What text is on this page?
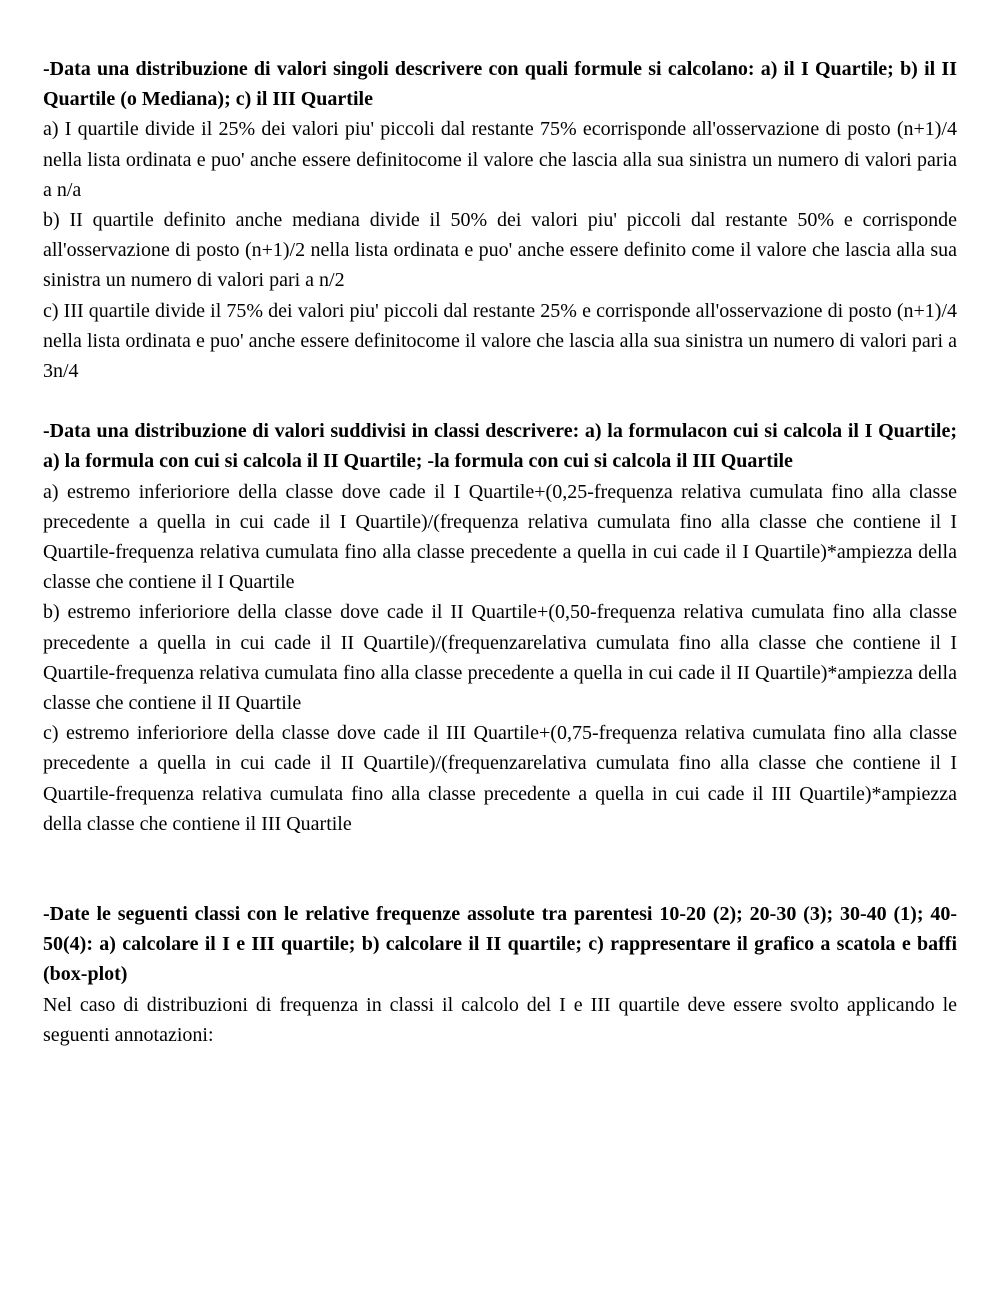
-Data una distribuzione di valori singoli descrivere con quali formule si calcolano: a) il I Quartile; b) il II Quartile (o Mediana); c) il III Quartile

a) I quartile divide il 25% dei valori piu' piccoli dal restante 75% ecorrisponde all'osservazione di posto (n+1)/4 nella lista ordinata e puo' anche essere definitocome il valore che lascia alla sua sinistra un numero di valori paria a n/a

b) II quartile definito anche mediana divide il 50% dei valori piu' piccoli dal restante 50% e corrisponde all'osservazione di posto (n+1)/2 nella lista ordinata e puo' anche essere definito come il valore che lascia alla sua sinistra un numero di valori pari a n/2

c) III quartile divide il 75% dei valori piu' piccoli dal restante 25% e corrisponde all'osservazione di posto (n+1)/4 nella lista ordinata e puo' anche essere definitocome il valore che lascia alla sua sinistra un numero di valori pari a 3n/4

-Data una distribuzione di valori suddivisi in classi descrivere: a) la formulacon cui si calcola il I Quartile; a) la formula con cui si calcola il II Quartile; -la formula con cui si calcola il III Quartile

a) estremo inferioriore della classe dove cade il I Quartile+(0,25-frequenza relativa cumulata fino alla classe precedente a quella in cui cade il I Quartile)/(frequenza relativa cumulata fino alla classe che contiene il I Quartile-frequenza relativa cumulata fino alla classe precedente a quella in cui cade il I Quartile)*ampiezza della classe che contiene il I Quartile

b) estremo inferioriore della classe dove cade il II Quartile+(0,50-frequenza relativa cumulata fino alla classe precedente a quella in cui cade il II Quartile)/(frequenzarelativa cumulata fino alla classe che contiene il I Quartile-frequenza relativa cumulata fino alla classe precedente a quella in cui cade il II Quartile)*ampiezza della classe che contiene il II Quartile

c) estremo inferioriore della classe dove cade il III Quartile+(0,75-frequenza relativa cumulata fino alla classe precedente a quella in cui cade il II Quartile)/(frequenzarelativa cumulata fino alla classe che contiene il I Quartile-frequenza relativa cumulata fino alla classe precedente a quella in cui cade il III Quartile)*ampiezza della classe che contiene il III Quartile

-Date le seguenti classi con le relative frequenze assolute tra parentesi 10-20 (2); 20-30 (3); 30-40 (1); 40-50(4): a) calcolare il I e III quartile; b) calcolare il II quartile; c) rappresentare il grafico a scatola e baffi (box-plot)

Nel caso di distribuzioni di frequenza in classi il calcolo del I e III quartile deve essere svolto applicando le seguenti annotazioni:
